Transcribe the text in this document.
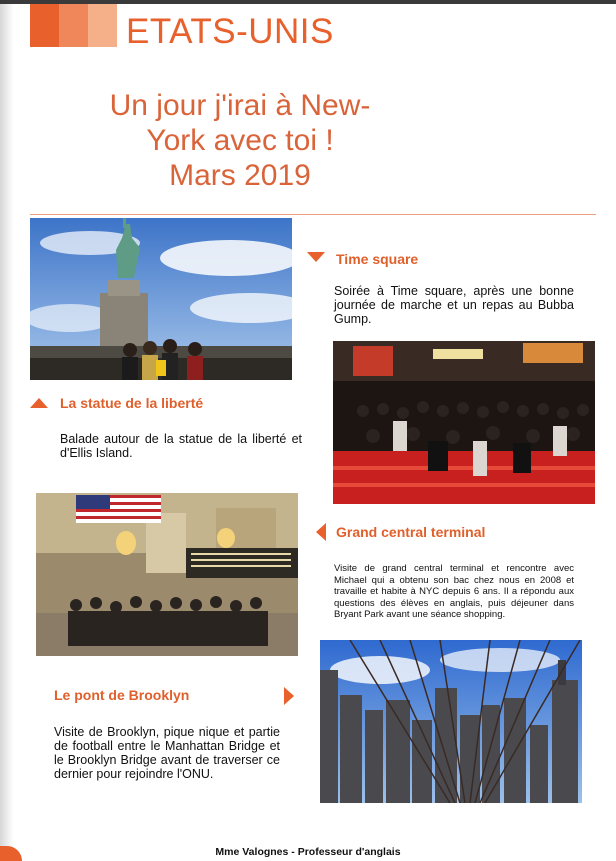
ETATS-UNIS
Un jour j'irai à New-
York avec toi !
Mars 2019
La statue de la liberté
Balade autour de la statue de la liberté et d'Ellis Island.
Time square
Soirée à Time square, après une bonne journée de marche et un repas au Bubba Gump.
Grand central terminal
Visite de grand central terminal et rencontre avec Michael qui a obtenu son bac chez nous en 2008 et travaille et habite à NYC depuis 6 ans. Il a répondu aux questions des élèves en anglais, puis déjeuner dans Bryant Park avant une séance shopping.
Le pont de Brooklyn
Visite de Brooklyn, pique nique et partie de football entre le Manhattan Bridge et le Brooklyn Bridge avant de traverser ce dernier pour rejoindre l'ONU.
Mme Valognes - Professeur d'anglais
